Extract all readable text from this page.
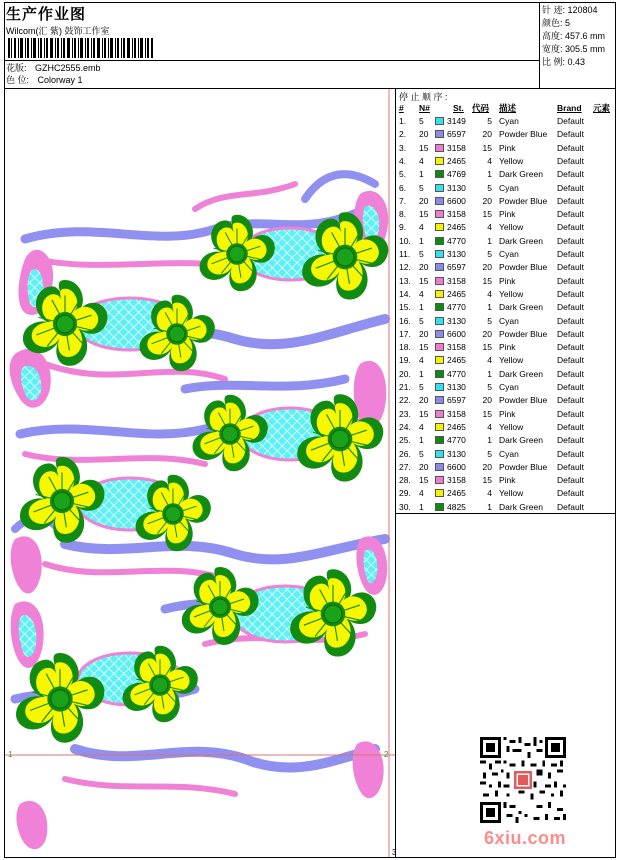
生产作业图
Wilcom(汇 紫) 鼓饰工作室
花版: GZHC2555.emb
色 位: Colorway 1
针 迹: 120804
颜色: 5
高度: 457.6 mm
宽度: 305.5 mm
比 例: 0.43
1	2
3
停 止 顺 序 :
# N#	St. 代码 描述	Brand 元素
1. 5	3149	5 Cyan	Default
2. 20 6597	20 Powder Blue Default
3. 15 3158	15 Pink	Default
4. 4	2465	4 Yellow	Default
5. 1	4769	1 Dark Green Default
6. 5	3130	5 Cyan	Default
7. 20 6600	20 Powder Blue Default
8. 15 3158	15 Pink	Default
9. 4	2465	4 Yellow	Default
10. 1	4770	1 Dark Green Default
11. 5	3130	5 Cyan	Default
12. 20 6597	20 Powder Blue Default
13. 15 3158	15 Pink	Default
14. 4	2465	4 Yellow	Default
15. 1	4770	1 Dark Green Default
16. 5	3130	5 Cyan	Default
17. 20 6600	20 Powder Blue Default
18. 15 3158	15 Pink	Default
19. 4	2465	4 Yellow	Default
20. 1	4770	1 Dark Green Default
21. 5	3130	5 Cyan	Default
22. 20 6597	20 Powder Blue Default
23. 15 3158	15 Pink	Default
24. 4	2465	4 Yellow	Default
25. 1	4770	1 Dark Green Default
26. 5	3130	5 Cyan	Default
27. 20 6600	20 Powder Blue Default
28. 15 3158	15 Pink	Default
29. 4	2465	4 Yellow	Default
30. 1	4825	1 Dark Green Default
6xiu.com
